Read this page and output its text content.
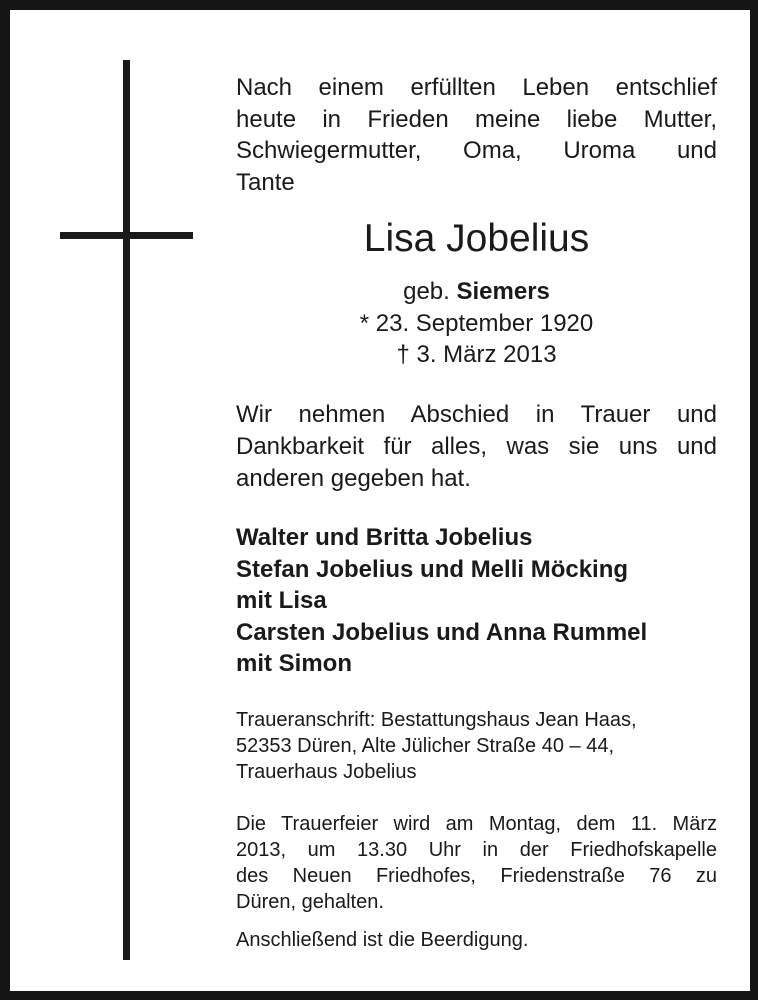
Nach einem erfüllten Leben entschlief
heute in Frieden meine liebe Mutter,
Schwiegermutter, Oma, Uroma und
Tante
Lisa Jobelius
geb. Siemers
* 23. September 1920
† 3. März 2013
Wir nehmen Abschied in Trauer und
Dankbarkeit für alles, was sie uns und
anderen gegeben hat.
Walter und Britta Jobelius
Stefan Jobelius und Melli Möcking
mit Lisa
Carsten Jobelius und Anna Rummel
mit Simon
Traueranschrift: Bestattungshaus Jean Haas,
52353 Düren, Alte Jülicher Straße 40 – 44,
Trauerhaus Jobelius
Die Trauerfeier wird am Montag, dem 11. März
2013, um 13.30 Uhr in der Friedhofskapelle
des Neuen Friedhofes, Friedenstraße 76 zu
Düren, gehalten.
Anschließend ist die Beerdigung.
